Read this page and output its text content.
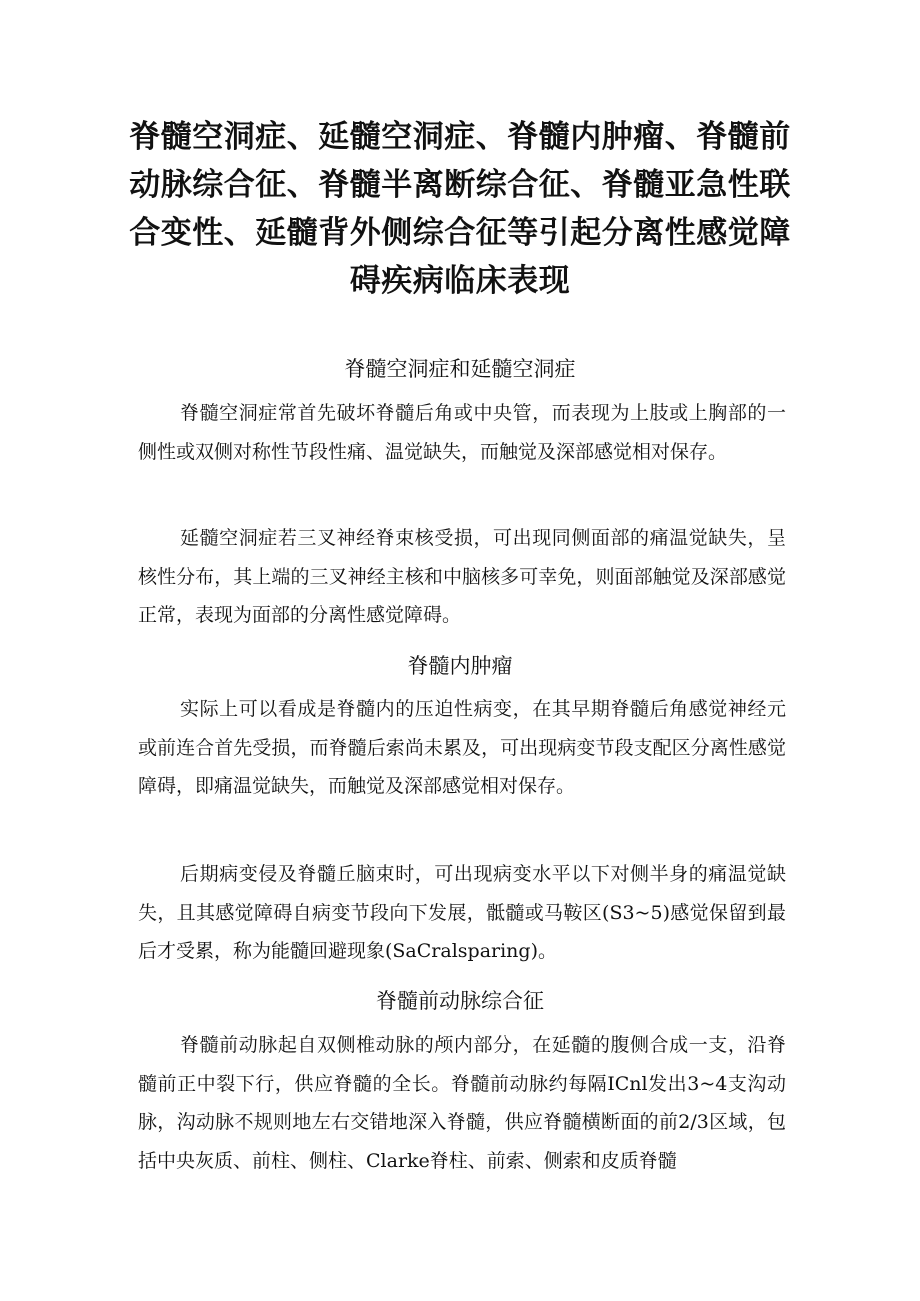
脊髓空洞症、延髓空洞症、脊髓内肿瘤、脊髓前动脉综合征、脊髓半离断综合征、脊髓亚急性联合变性、延髓背外侧综合征等引起分离性感觉障碍疾病临床表现
脊髓空洞症和延髓空洞症

脊髓空洞症常首先破坏脊髓后角或中央管，而表现为上肢或上胸部的一侧性或双侧对称性节段性痛、温觉缺失，而触觉及深部感觉相对保存。

延髓空洞症若三叉神经脊束核受损，可出现同侧面部的痛温觉缺失，呈核性分布，其上端的三叉神经主核和中脑核多可幸免，则面部触觉及深部感觉正常，表现为面部的分离性感觉障碍。

脊髓内肿瘤

实际上可以看成是脊髓内的压迫性病变，在其早期脊髓后角感觉神经元或前连合首先受损，而脊髓后索尚未累及，可出现病变节段支配区分离性感觉障碍，即痛温觉缺失，而触觉及深部感觉相对保存。

后期病变侵及脊髓丘脑束时，可出现病变水平以下对侧半身的痛温觉缺失，且其感觉障碍自病变节段向下发展，骶髓或马鞍区(S3~5)感觉保留到最后才受累，称为能髓回避现象(SaCralsparing)。

脊髓前动脉综合征

脊髓前动脉起自双侧椎动脉的颅内部分，在延髓的腹侧合成一支，沿脊髓前正中裂下行，供应脊髓的全长。脊髓前动脉约每隔ICnl发出3~4支沟动脉，沟动脉不规则地左右交错地深入脊髓，供应脊髓横断面的前2/3区域，包括中央灰质、前柱、侧柱、Clarke脊柱、前索、侧索和皮质脊髓
